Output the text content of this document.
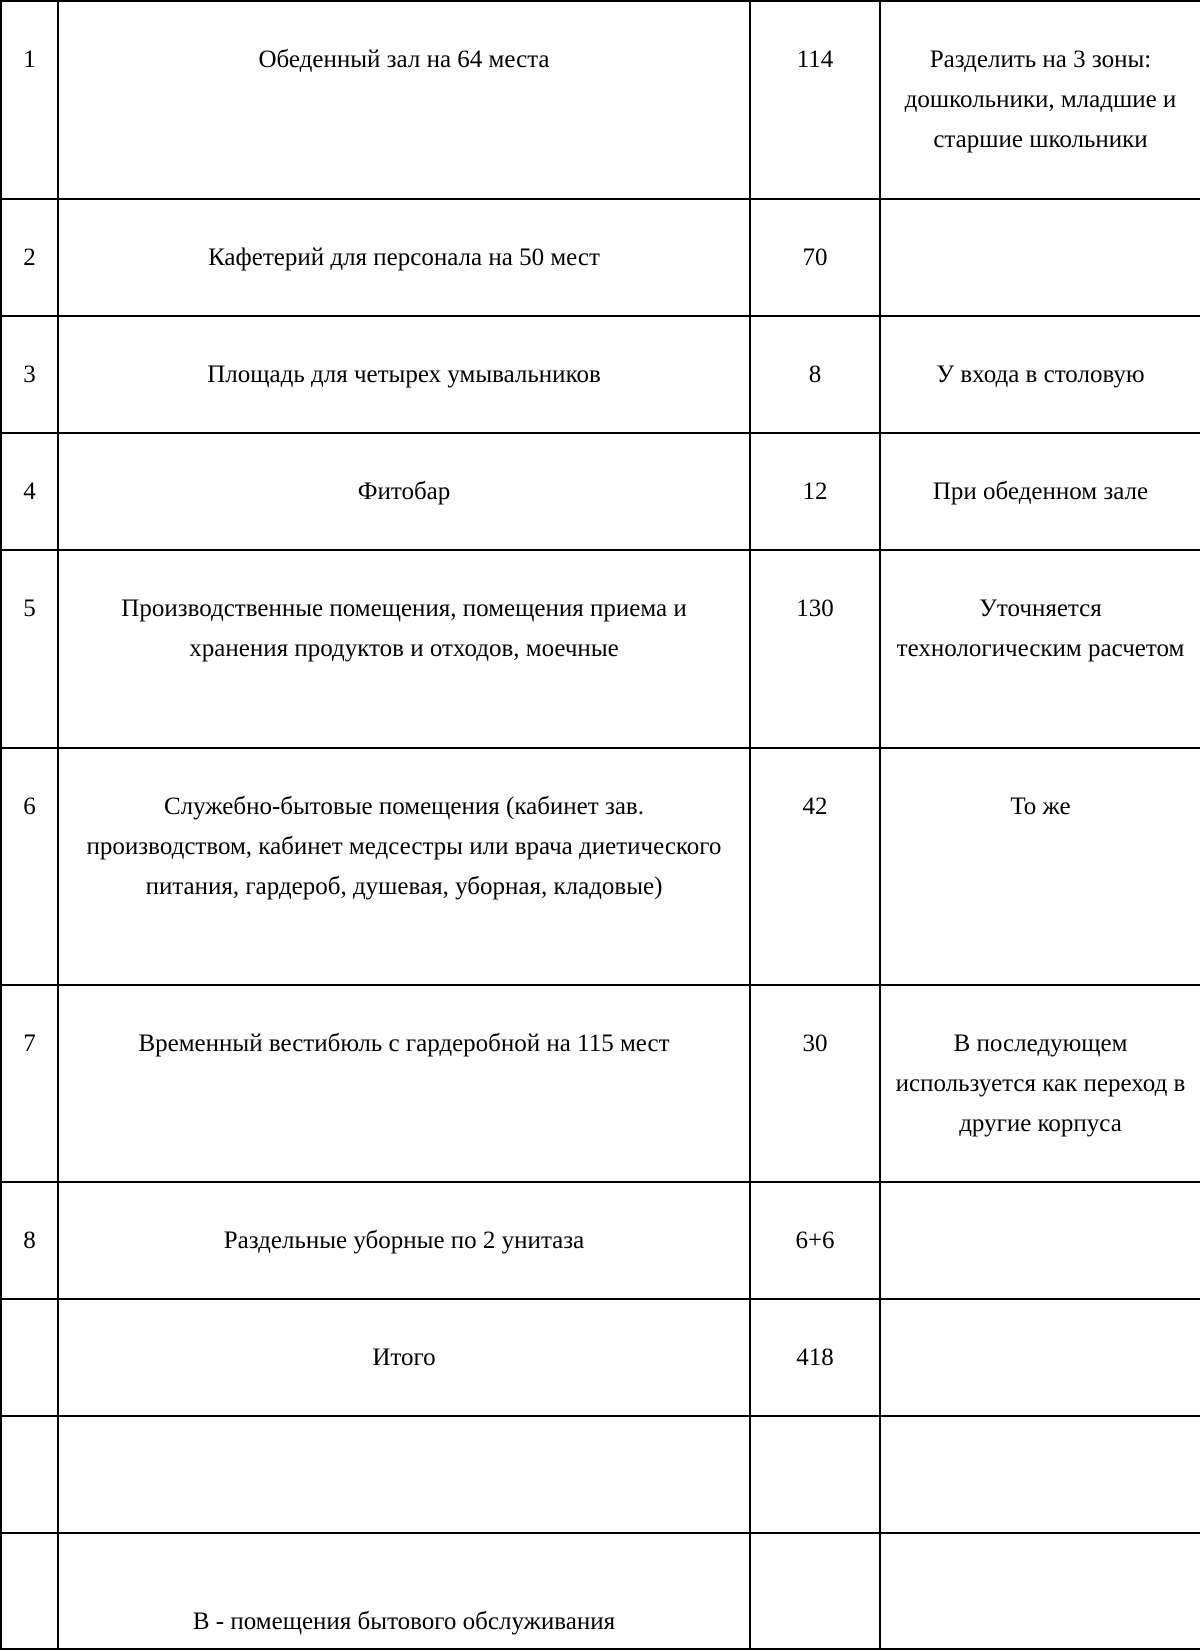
1	Обеденный зал на 64 места	114	Разделить на 3 зоны: дошкольники, младшие и старшие школьники
2	Кафетерий для персонала на 50 мест	70	
3	Площадь для четырех умывальников	8	У входа в столовую
4	Фитобар	12	При обеденном зале
5	Производственные помещения, помещения приема и хранения продуктов и отходов, моечные	130	Уточняется технологическим расчетом
6	Служебно-бытовые помещения (кабинет зав. производством, кабинет медсестры или врача диетического питания, гардероб, душевая, уборная, кладовые)	42	То же
7	Временный вестибюль с гардеробной на 115 мест	30	В последующем используется как переход в другие корпуса
8	Раздельные уборные по 2 унитаза	6+6	
	Итого	418	

	В - помещения бытового обслуживания		
